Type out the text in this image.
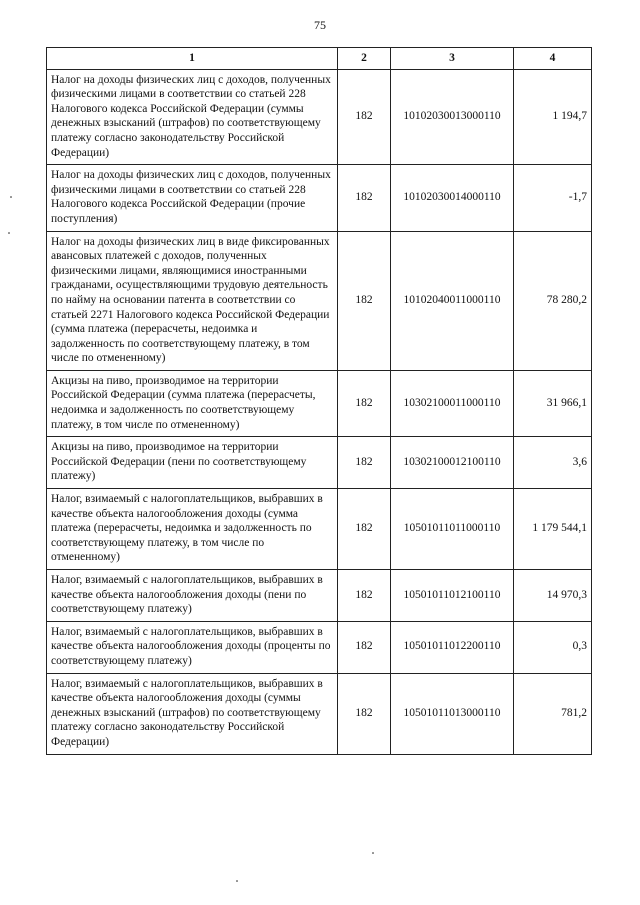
75
1	2	3	4
Налог на доходы физических лиц с доходов, полученных физическими лицами в соответствии со статьей 228 Налогового кодекса Российской Федерации (суммы денежных взысканий (штрафов) по соответствующему платежу согласно законодательству Российской Федерации)	182	10102030013000110	1 194,7
Налог на доходы физических лиц с доходов, полученных физическими лицами в соответствии со статьей 228 Налогового кодекса Российской Федерации (прочие поступления)	182	10102030014000110	-1,7
Налог на доходы физических лиц в виде фиксированных авансовых платежей с доходов, полученных физическими лицами, являющимися иностранными гражданами, осуществляющими трудовую деятельность по найму на основании патента в соответствии со статьей 2271 Налогового кодекса Российской Федерации (сумма платежа (перерасчеты, недоимка и задолженность по соответствующему платежу, в том числе по отмененному)	182	10102040011000110	78 280,2
Акцизы на пиво, производимое на территории Российской Федерации (сумма платежа (перерасчеты, недоимка и задолженность по соответствующему платежу, в том числе по отмененному)	182	10302100011000110	31 966,1
Акцизы на пиво, производимое на территории Российской Федерации (пени по соответствующему платежу)	182	10302100012100110	3,6
Налог, взимаемый с налогоплательщиков, выбравших в качестве объекта налогообложения доходы (сумма платежа (перерасчеты, недоимка и задолженность по соответствующему платежу, в том числе по отмененному)	182	10501011011000110	1 179 544,1
Налог, взимаемый с налогоплательщиков, выбравших в качестве объекта налогообложения доходы (пени по соответствующему платежу)	182	10501011012100110	14 970,3
Налог, взимаемый с налогоплательщиков, выбравших в качестве объекта налогообложения доходы (проценты по соответствующему платежу)	182	10501011012200110	0,3
Налог, взимаемый с налогоплательщиков, выбравших в качестве объекта налогообложения доходы (суммы денежных взысканий (штрафов) по соответствующему платежу согласно законодательству Российской Федерации)	182	10501011013000110	781,2
